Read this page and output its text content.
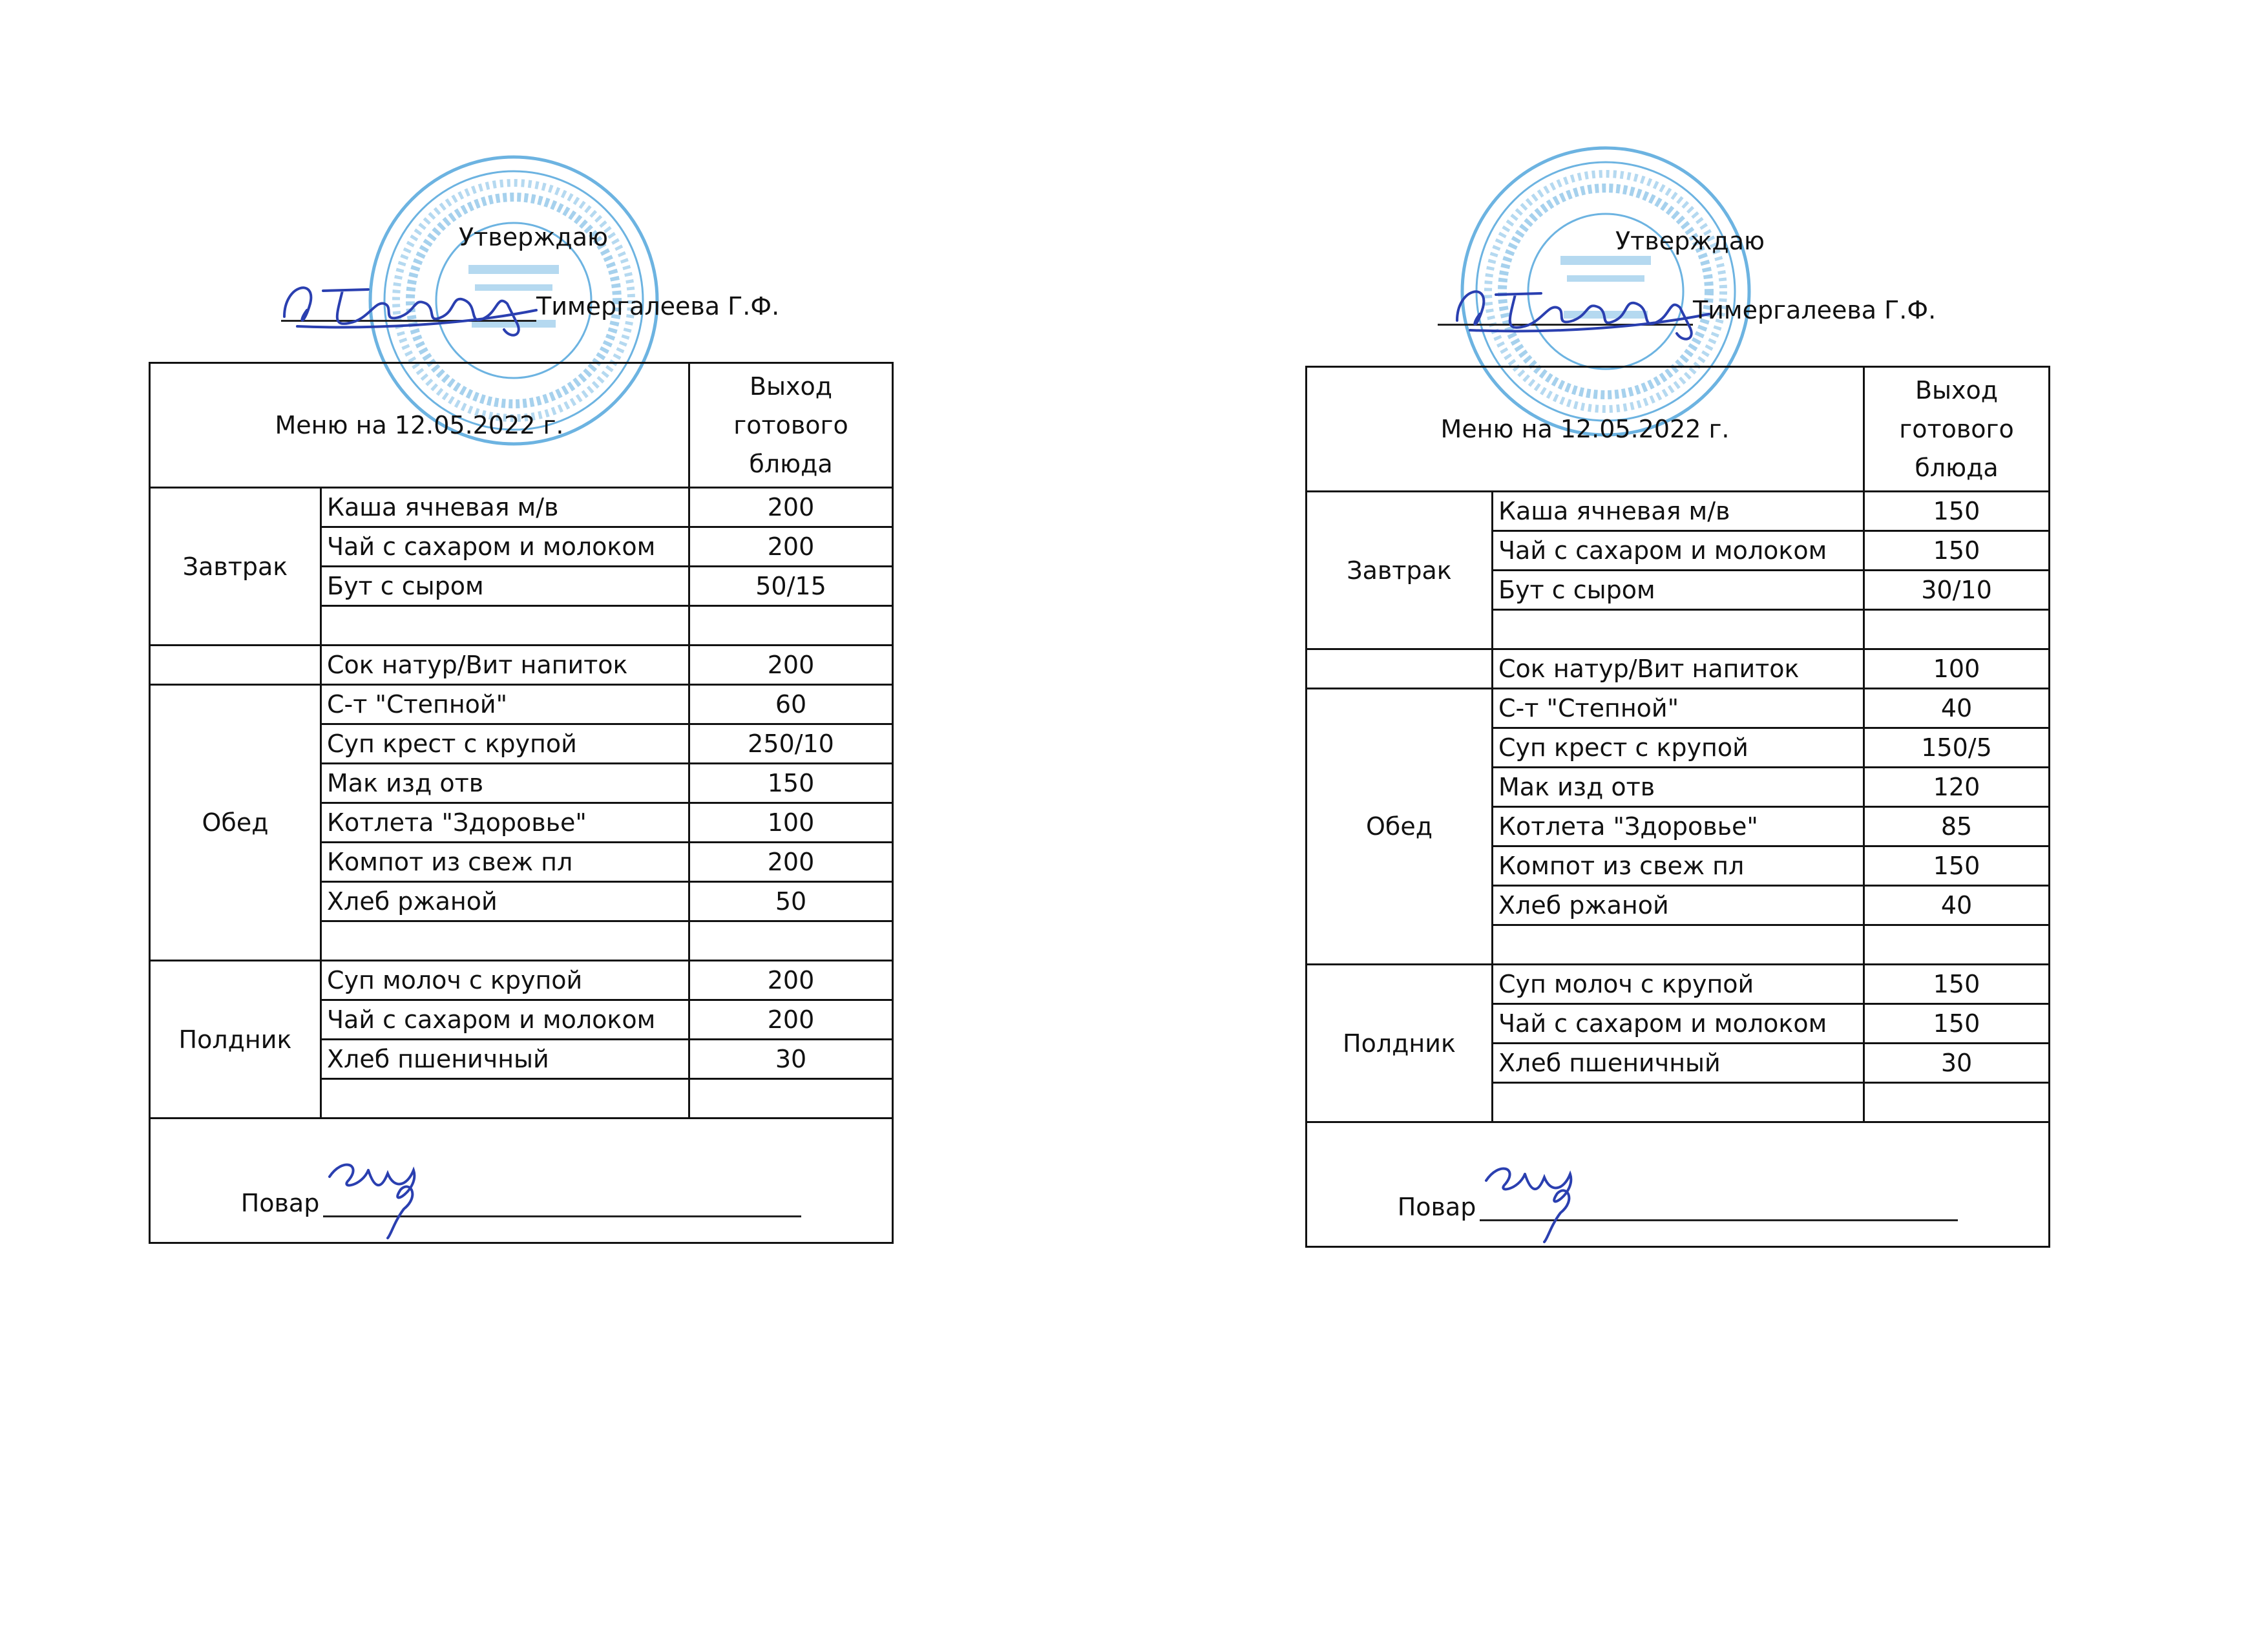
Утверждаю
Тимергалеева Г.Ф.
Меню на 12.05.2022 г.		Выход готового блюда
Завтрак	Каша ячневая м/в	200
	Чай с сахаром и молоком	200
	Бут с сыром	50/15

	Сок натур/Вит напиток	200
Обед	С-т "Степной"	60
	Суп крест с крупой	250/10
	Мак изд отв	150
	Котлета "Здоровье"	100
	Компот из свеж пл	200
	Хлеб ржаной	50

Полдник	Суп молоч с крупой	200
	Чай с сахаром и молоком	200
	Хлеб пшеничный	30

Повар		
Утверждаю
Тимергалеева Г.Ф.
Меню на 12.05.2022 г.		Выход готового блюда
Завтрак	Каша ячневая м/в	150
	Чай с сахаром и молоком	150
	Бут с сыром	30/10

	Сок натур/Вит напиток	100
Обед	С-т "Степной"	40
	Суп крест с крупой	150/5
	Мак изд отв	120
	Котлета "Здоровье"	85
	Компот из свеж пл	150
	Хлеб ржаной	40

Полдник	Суп молоч с крупой	150
	Чай с сахаром и молоком	150
	Хлеб пшеничный	30

Повар		
